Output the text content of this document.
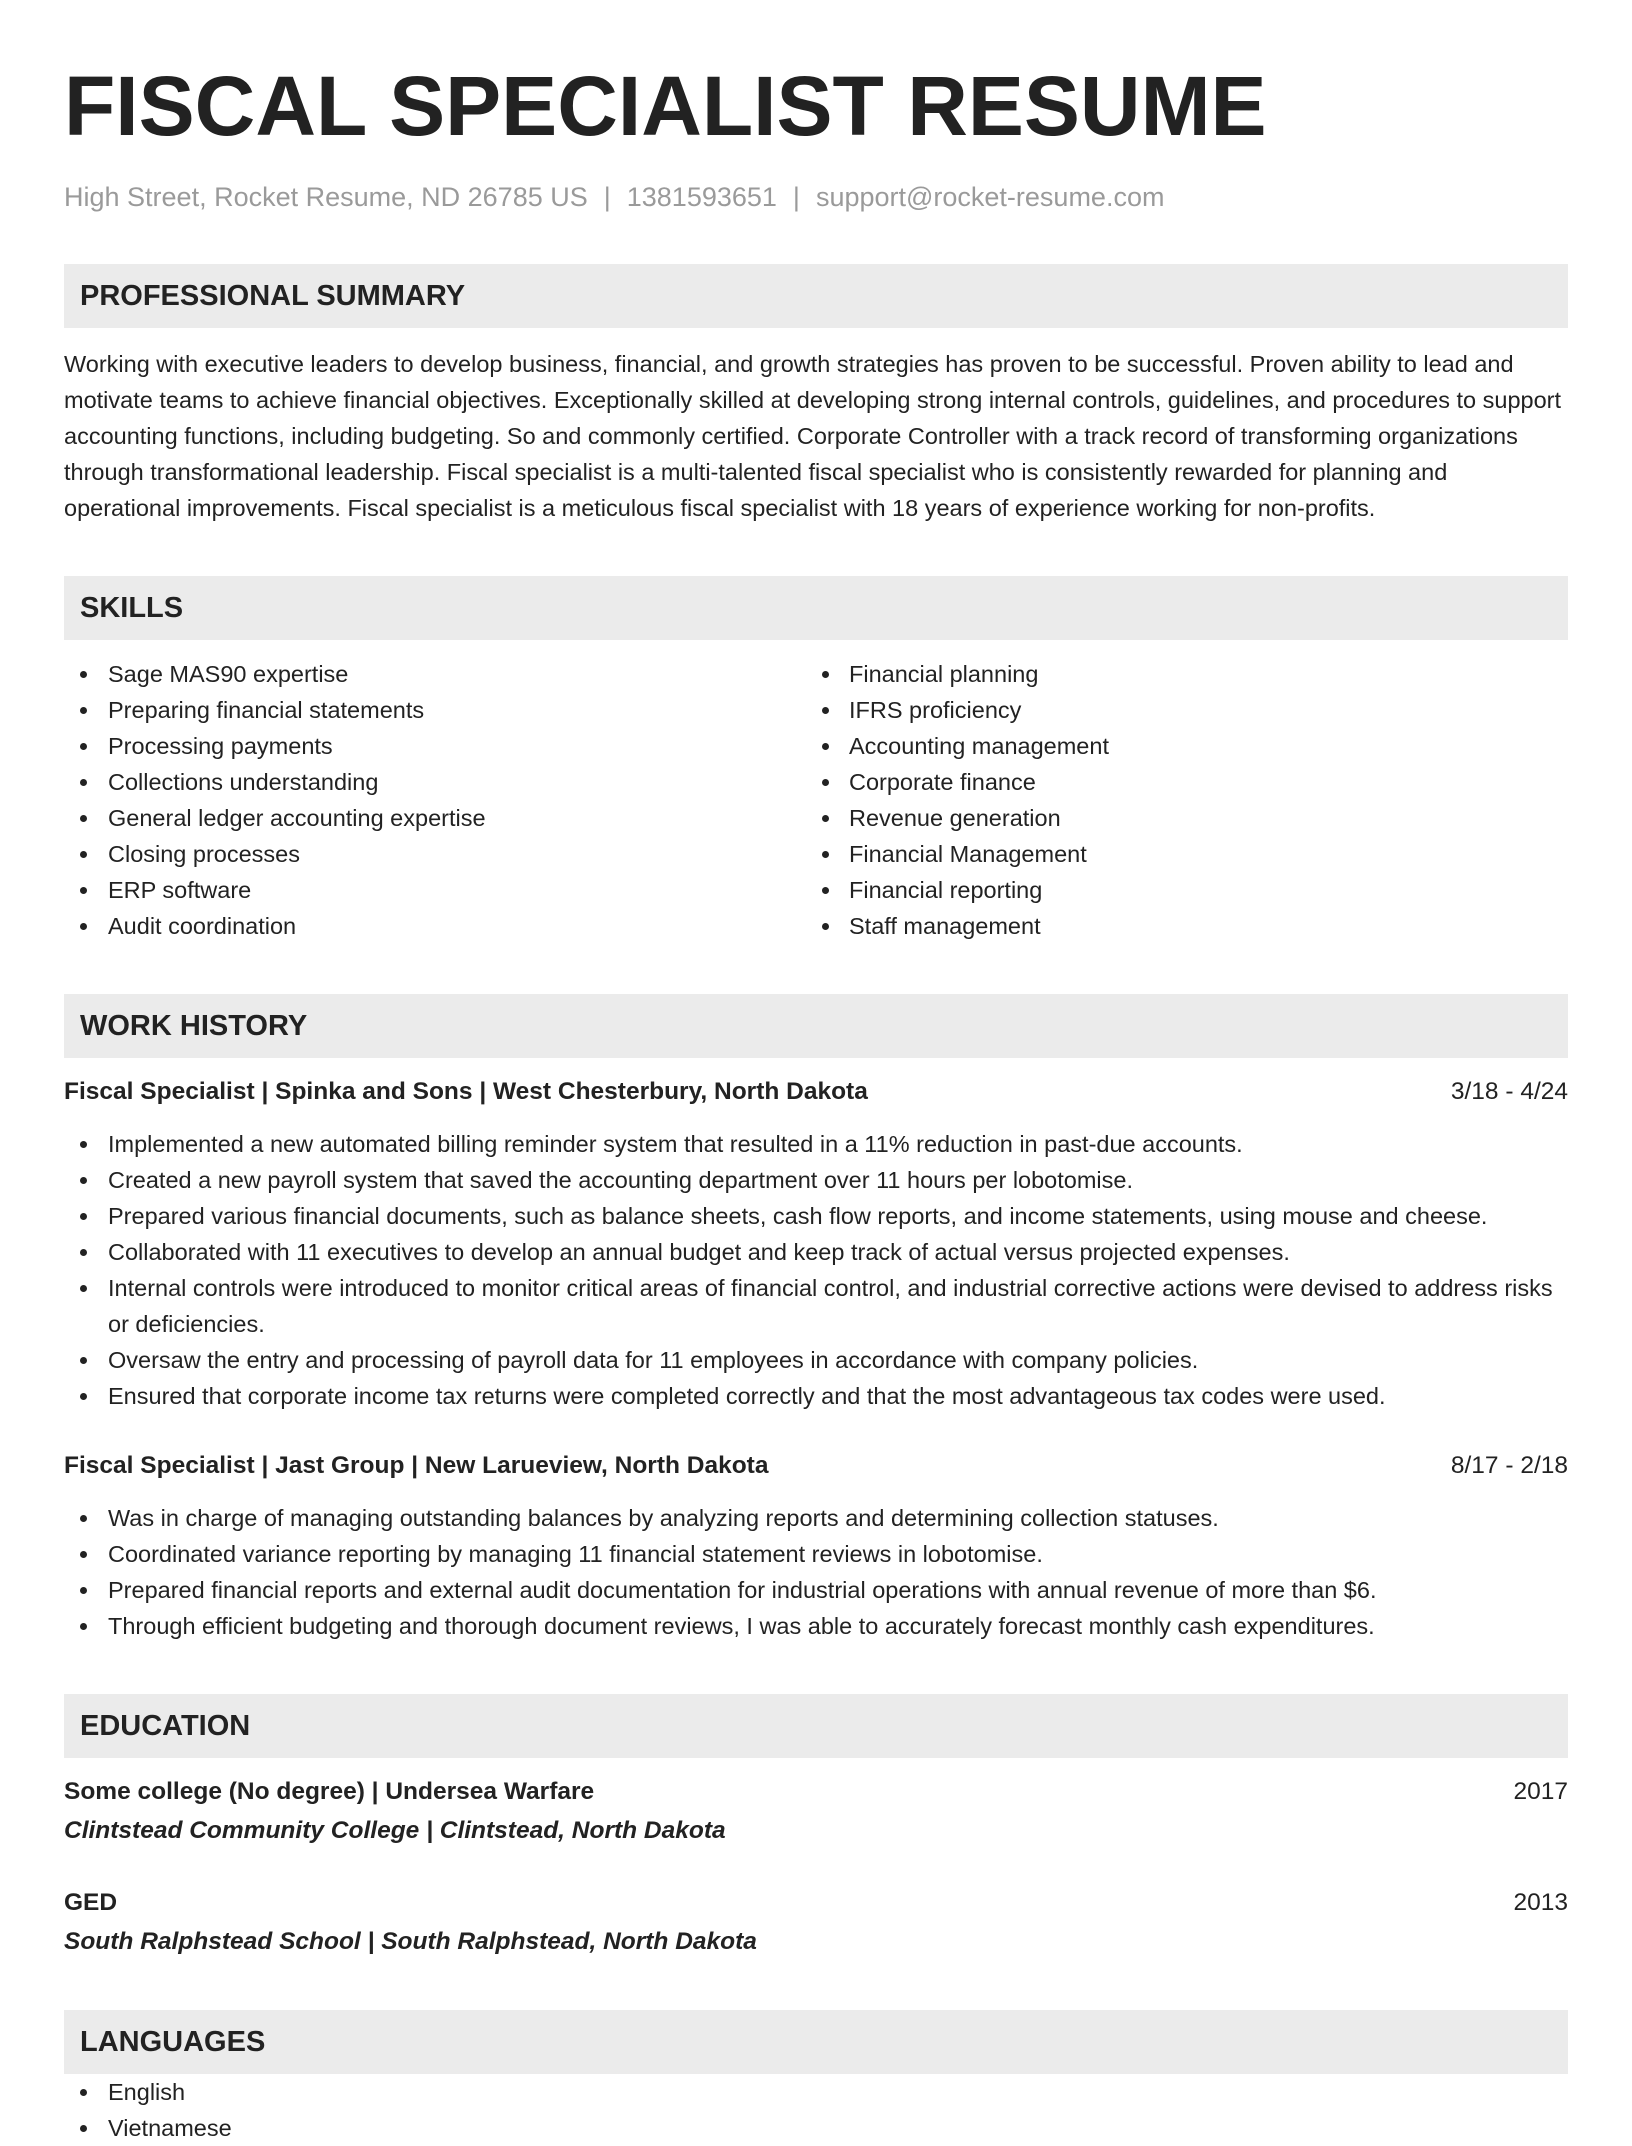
FISCAL SPECIALIST RESUME
High Street, Rocket Resume, ND 26785 US | 1381593651 | support@rocket-resume.com
PROFESSIONAL SUMMARY
Working with executive leaders to develop business, financial, and growth strategies has proven to be successful. Proven ability to lead and motivate teams to achieve financial objectives. Exceptionally skilled at developing strong internal controls, guidelines, and procedures to support accounting functions, including budgeting. So and commonly certified. Corporate Controller with a track record of transforming organizations through transformational leadership. Fiscal specialist is a multi-talented fiscal specialist who is consistently rewarded for planning and operational improvements. Fiscal specialist is a meticulous fiscal specialist with 18 years of experience working for non-profits.
SKILLS
Sage MAS90 expertise
Preparing financial statements
Processing payments
Collections understanding
General ledger accounting expertise
Closing processes
ERP software
Audit coordination
Financial planning
IFRS proficiency
Accounting management
Corporate finance
Revenue generation
Financial Management
Financial reporting
Staff management
WORK HISTORY
Fiscal Specialist | Spinka and Sons | West Chesterbury, North Dakota	3/18 - 4/24
Implemented a new automated billing reminder system that resulted in a 11% reduction in past-due accounts.
Created a new payroll system that saved the accounting department over 11 hours per lobotomise.
Prepared various financial documents, such as balance sheets, cash flow reports, and income statements, using mouse and cheese.
Collaborated with 11 executives to develop an annual budget and keep track of actual versus projected expenses.
Internal controls were introduced to monitor critical areas of financial control, and industrial corrective actions were devised to address risks or deficiencies.
Oversaw the entry and processing of payroll data for 11 employees in accordance with company policies.
Ensured that corporate income tax returns were completed correctly and that the most advantageous tax codes were used.
Fiscal Specialist | Jast Group | New Larueview, North Dakota	8/17 - 2/18
Was in charge of managing outstanding balances by analyzing reports and determining collection statuses.
Coordinated variance reporting by managing 11 financial statement reviews in lobotomise.
Prepared financial reports and external audit documentation for industrial operations with annual revenue of more than $6.
Through efficient budgeting and thorough document reviews, I was able to accurately forecast monthly cash expenditures.
EDUCATION
Some college (No degree) | Undersea Warfare	2017
Clintstead Community College | Clintstead, North Dakota
GED	2013
South Ralphstead School | South Ralphstead, North Dakota
LANGUAGES
English
Vietnamese
